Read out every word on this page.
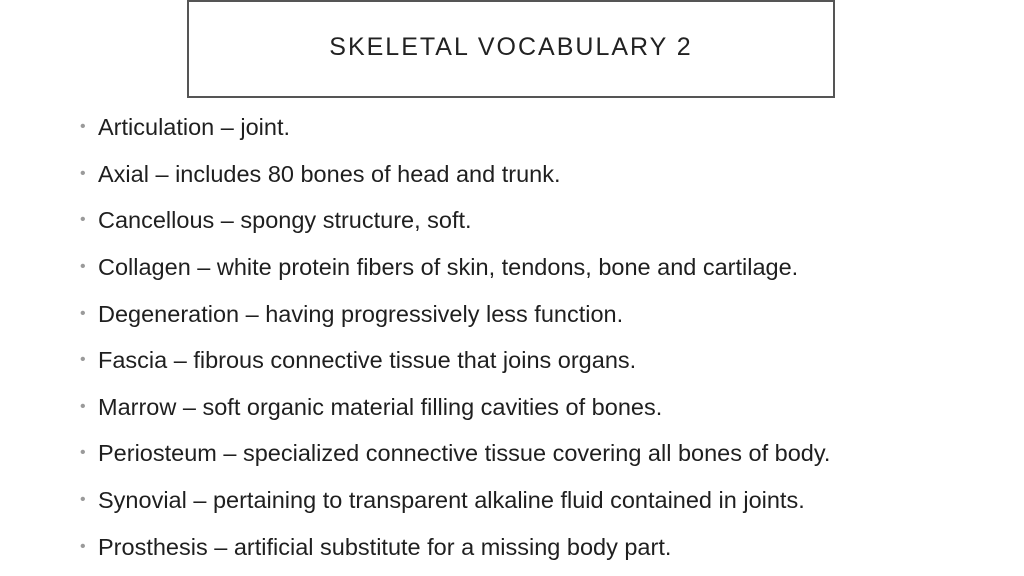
SKELETAL VOCABULARY 2
• Articulation – joint.
• Axial – includes 80 bones of head and trunk.
• Cancellous – spongy structure, soft.
• Collagen – white protein fibers of skin, tendons, bone and cartilage.
• Degeneration – having progressively less function.
• Fascia – fibrous connective tissue that joins organs.
• Marrow – soft organic material filling cavities of bones.
• Periosteum – specialized connective tissue covering all bones of body.
• Synovial – pertaining to transparent alkaline fluid contained in joints.
• Prosthesis – artificial substitute for a missing body part.
